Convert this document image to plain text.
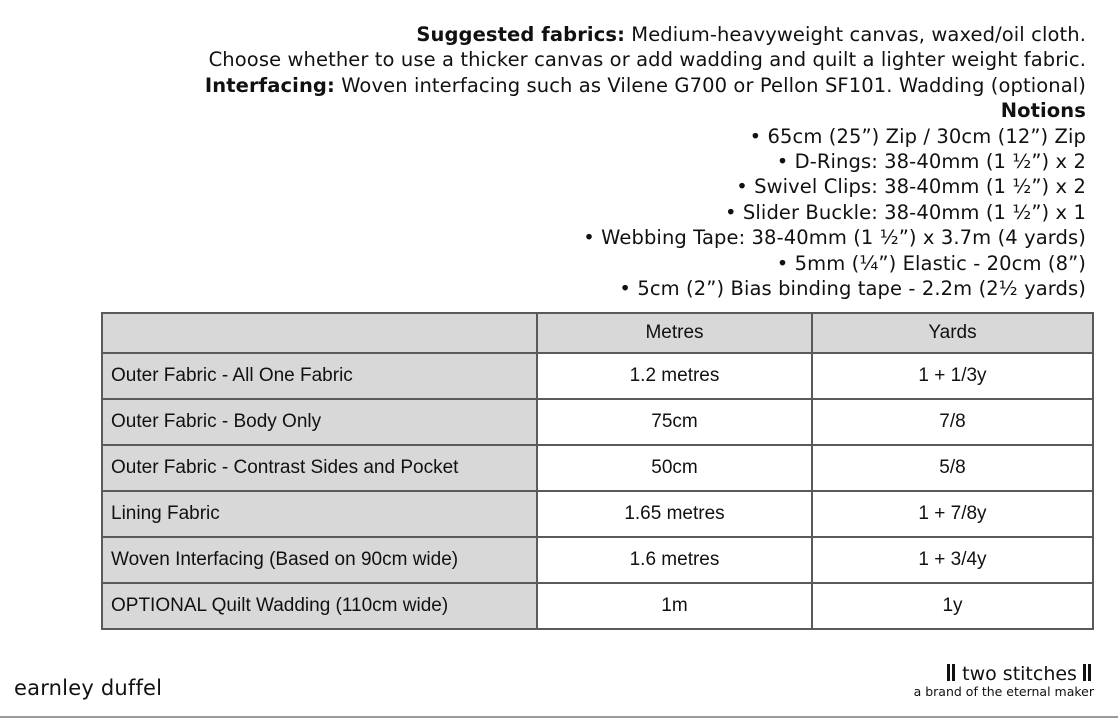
Suggested fabrics: Medium-heavyweight canvas, waxed/oil cloth.
Choose whether to use a thicker canvas or add wadding and quilt a lighter weight fabric.
Interfacing: Woven interfacing such as Vilene G700 or Pellon SF101. Wadding (optional)
Notions
• 65cm (25”) Zip / 30cm (12”) Zip
• D-Rings: 38-40mm (1 ½”) x 2
• Swivel Clips: 38-40mm (1 ½”) x 2
• Slider Buckle: 38-40mm (1 ½”) x 1
• Webbing Tape: 38-40mm (1 ½”) x 3.7m (4 yards)
• 5mm (¼”) Elastic - 20cm (8”)
• 5cm (2”) Bias binding tape - 2.2m (2½ yards)
	Metres	Yards
Outer Fabric - All One Fabric	1.2 metres	1 + 1/3y
Outer Fabric - Body Only	75cm	7/8
Outer Fabric - Contrast Sides and Pocket	50cm	5/8
Lining Fabric	1.65 metres	1 + 7/8y
Woven Interfacing (Based on 90cm wide)	1.6 metres	1 + 3/4y
OPTIONAL Quilt Wadding (110cm wide)	1m	1y
earnley duffel
two stitches
a brand of the eternal maker
